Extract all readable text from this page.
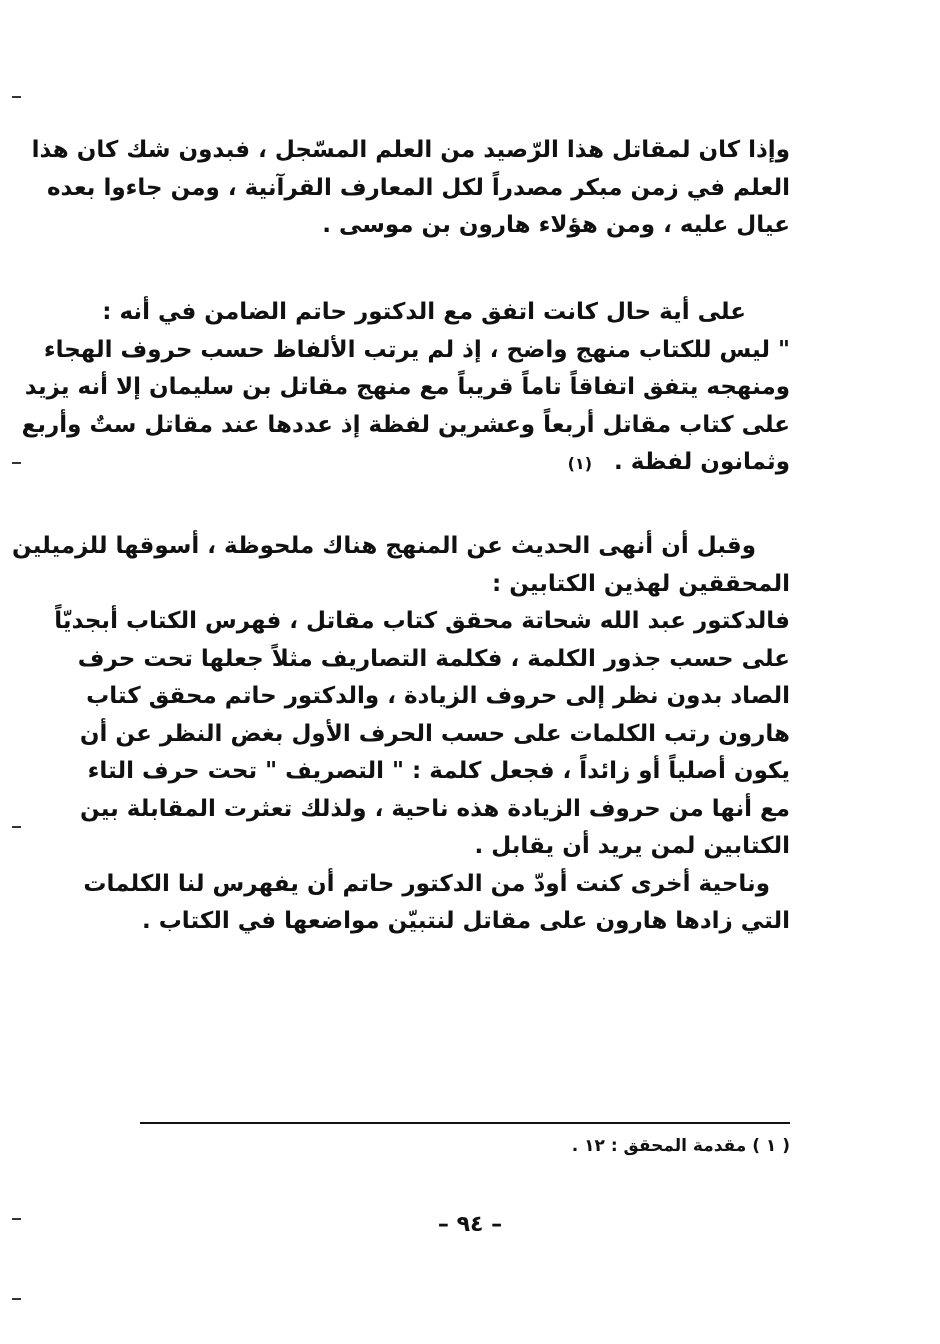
وإذا كان لمقاتل هذا الرّصيد من العلم المسّجل ، فبدون شك كان هذا
العلم في زمن مبكر مصدراً لكل المعارف القرآنية ، ومن جاءوا بعده
عيال عليه ، ومن هؤلاء هارون بن موسى .
على أية حال كانت اتفق مع الدكتور حاتم الضامن في أنه :
" ليس للكتاب منهج واضح ، إذ لم يرتب الألفاظ حسب حروف الهجاء
ومنهجه يتفق اتفاقاً تاماً قريباً مع منهج مقاتل بن سليمان إلا أنه يزيد
على كتاب مقاتل أربعاً وعشرين لفظة إذ عددها عند مقاتل ستٌ وأربع
وثمانون لفظة . (١)
وقبل أن أنهى الحديث عن المنهج هناك ملحوظة ، أسوقها للزميلين
المحققين لهذين الكتابين :
فالدكتور عبد الله شحاتة محقق كتاب مقاتل ، فهرس الكتاب أبجديّاً
على حسب جذور الكلمة ، فكلمة التصاريف مثلاً جعلها تحت حرف
الصاد بدون نظر إلى حروف الزيادة ، والدكتور حاتم محقق كتاب
هارون رتب الكلمات على حسب الحرف الأول بغض النظر عن أن
يكون أصلياً أو زائداً ، فجعل كلمة : " التصريف " تحت حرف التاء
مع أنها من حروف الزيادة هذه ناحية ، ولذلك تعثرت المقابلة بين
الكتابين لمن يريد أن يقابل .
وناحية أخرى كنت أودّ من الدكتور حاتم أن يفهرس لنا الكلمات
التي زادها هارون على مقاتل لنتبيّن مواضعها في الكتاب .
( ١ ) مقدمة المحقق : ١٢ .
– ٩٤ –
